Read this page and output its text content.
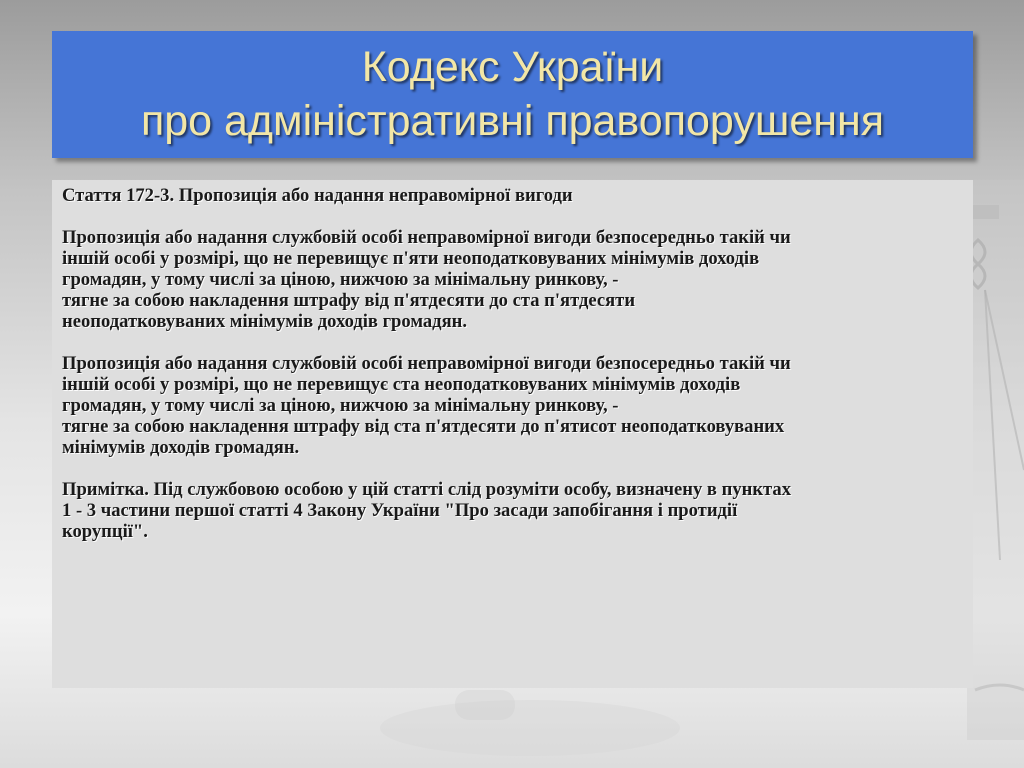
Кодекс України
про адміністративні правопорушення

Стаття 172-3. Пропозиція або надання неправомірної вигоди

Пропозиція або надання службовій особі неправомірної вигоди безпосередньо такій чи

іншій особі у розмірі, що не перевищує п'яти неоподатковуваних мінімумів доходів

громадян, у тому числі за ціною, нижчою за мінімальну ринкову, -

тягне за собою накладення штрафу від п'ятдесяти до ста п'ятдесяти

неоподатковуваних мінімумів доходів громадян.

Пропозиція або надання службовій особі неправомірної вигоди безпосередньо такій чи

іншій особі у розмірі, що не перевищує ста неоподатковуваних мінімумів доходів

громадян, у тому числі за ціною, нижчою за мінімальну ринкову, -

тягне за собою накладення штрафу від ста п'ятдесяти до п'ятисот неоподатковуваних

мінімумів доходів громадян.

Примітка. Під службовою особою у цій статті слід розуміти особу, визначену в пунктах

1 - 3 частини першої статті 4 Закону України "Про засади запобігання і протидії

корупції".
